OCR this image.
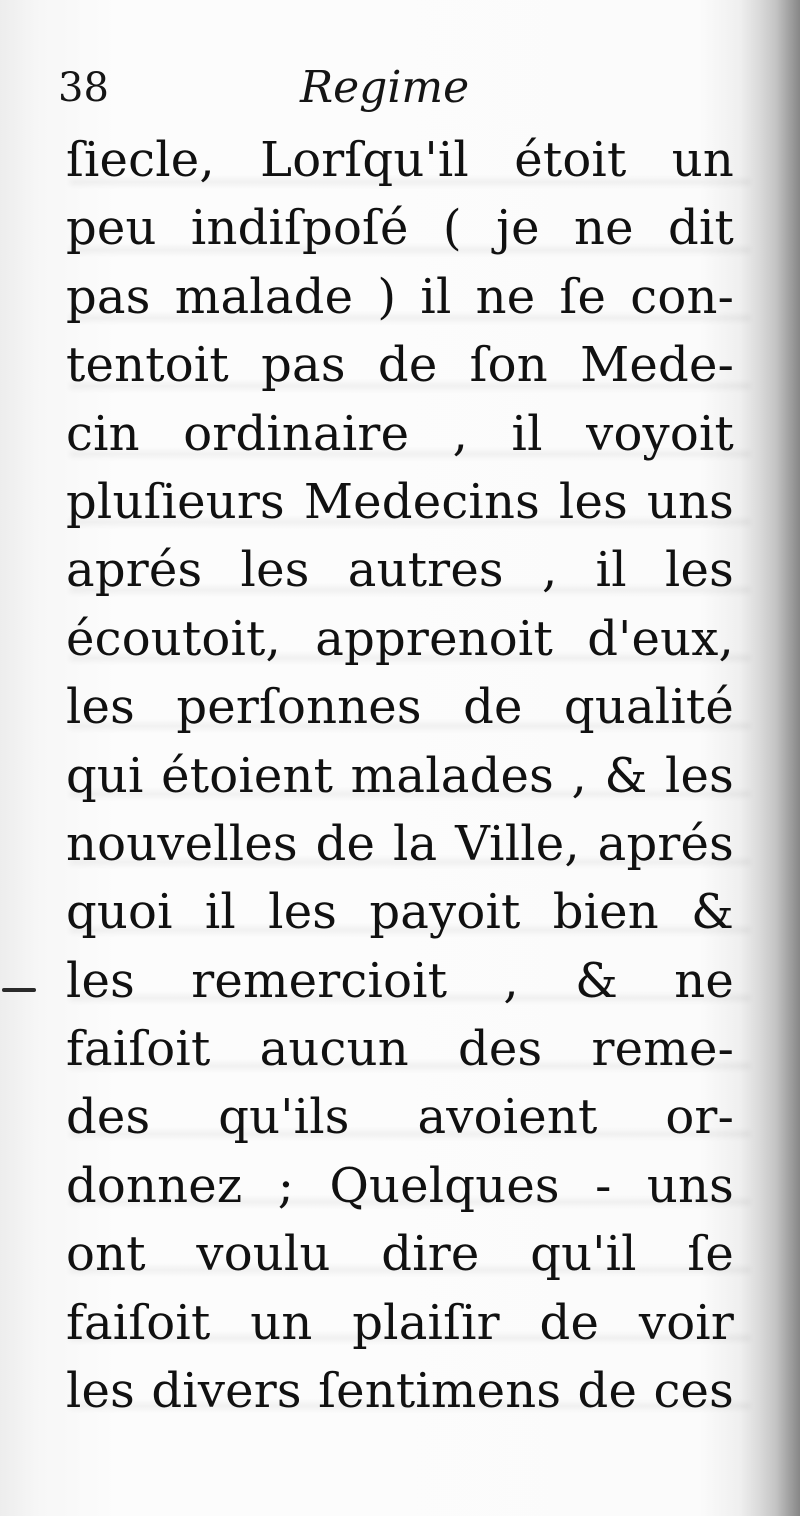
38	Regime
ſiecle, Lorſqu'il étoit un
peu indiſpoſé ( je ne dit
pas malade ) il ne ſe con-
tentoit pas de ſon Mede-
cin ordinaire , il voyoit
pluſieurs Medecins les uns
aprés les autres , il les
écoutoit, apprenoit d'eux,
les perſonnes de qualité
qui étoient malades , & les
nouvelles de la Ville, aprés
quoi il les payoit bien &
les remercioit , & ne
faiſoit aucun des reme-
des qu'ils avoient or-
donnez ; Quelques - uns
ont voulu dire qu'il ſe
faiſoit un plaiſir de voir
les divers ſentimens de ces
